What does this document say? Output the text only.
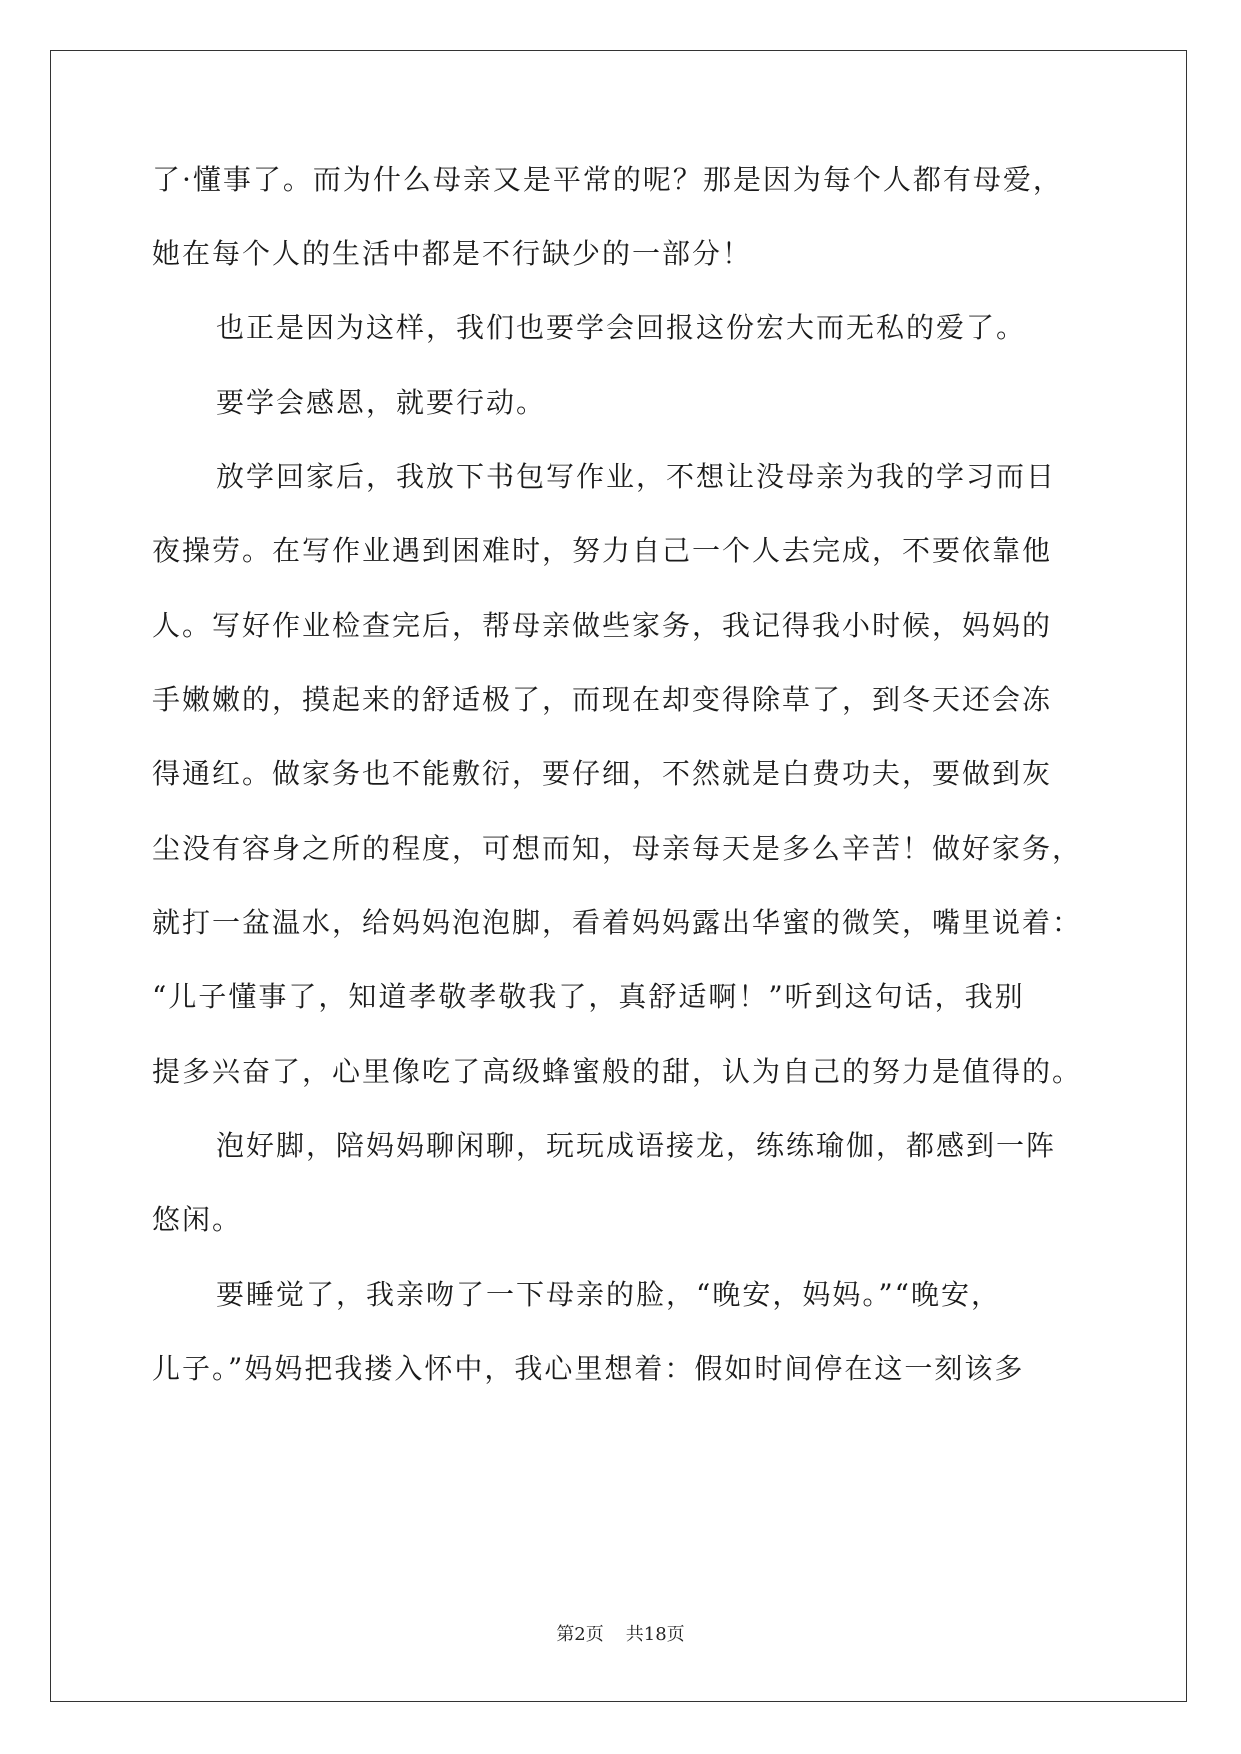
了·懂事了。而为什么母亲又是平常的呢？那是因为每个人都有母爱，
她在每个人的生活中都是不行缺少的一部分！
也正是因为这样，我们也要学会回报这份宏大而无私的爱了。
要学会感恩，就要行动。
放学回家后，我放下书包写作业，不想让没母亲为我的学习而日
夜操劳。在写作业遇到困难时，努力自己一个人去完成，不要依靠他
人。写好作业检查完后，帮母亲做些家务，我记得我小时候，妈妈的
手嫩嫩的，摸起来的舒适极了，而现在却变得除草了，到冬天还会冻
得通红。做家务也不能敷衍，要仔细，不然就是白费功夫，要做到灰
尘没有容身之所的程度，可想而知，母亲每天是多么辛苦！做好家务，
就打一盆温水，给妈妈泡泡脚，看着妈妈露出华蜜的微笑，嘴里说着：
“儿子懂事了，知道孝敬孝敬我了，真舒适啊！”听到这句话，我别
提多兴奋了，心里像吃了高级蜂蜜般的甜，认为自己的努力是值得的。
泡好脚，陪妈妈聊闲聊，玩玩成语接龙，练练瑜伽，都感到一阵
悠闲。
要睡觉了，我亲吻了一下母亲的脸，“晚安，妈妈。”“晚安，
儿子。”妈妈把我搂入怀中，我心里想着：假如时间停在这一刻该多
第2页 共18页
